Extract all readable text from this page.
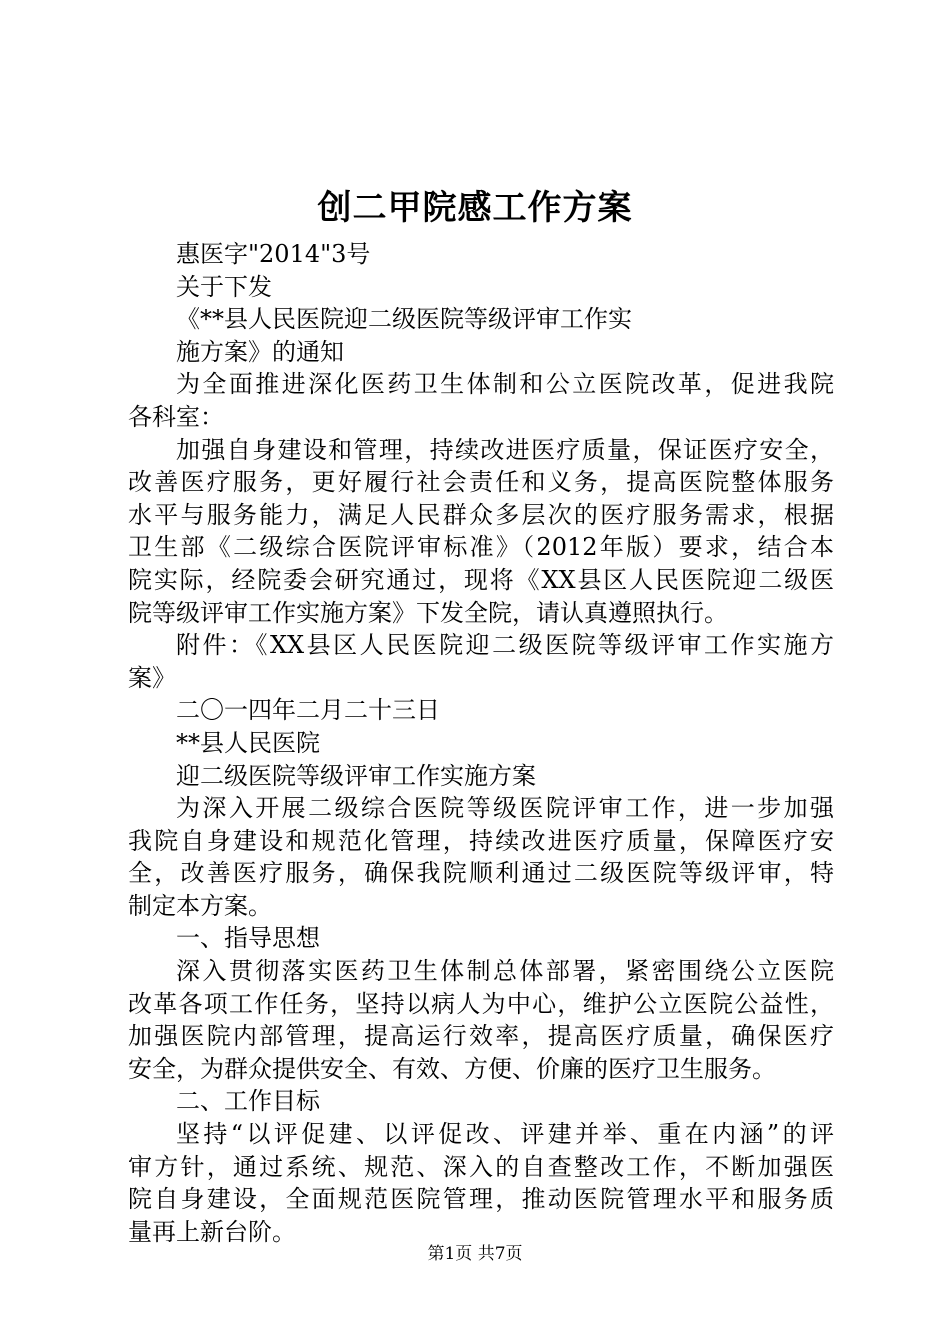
创二甲院感工作方案
惠医字"2014"3号
关于下发
《**县人民医院迎二级医院等级评审工作实
施方案》的通知
为全面推进深化医药卫生体制和公立医院改革，促进我院
各科室：
加强自身建设和管理，持续改进医疗质量，保证医疗安全，
改善医疗服务，更好履行社会责任和义务，提高医院整体服务
水平与服务能力，满足人民群众多层次的医疗服务需求，根据
卫生部《二级综合医院评审标准》（2012年版）要求，结合本
院实际，经院委会研究通过，现将《XX县区人民医院迎二级医
院等级评审工作实施方案》下发全院，请认真遵照执行。
附件：《XX县区人民医院迎二级医院等级评审工作实施方
案》
二〇一四年二月二十三日
**县人民医院
迎二级医院等级评审工作实施方案
为深入开展二级综合医院等级医院评审工作，进一步加强
我院自身建设和规范化管理，持续改进医疗质量，保障医疗安
全，改善医疗服务，确保我院顺利通过二级医院等级评审，特
制定本方案。
一、指导思想
深入贯彻落实医药卫生体制总体部署，紧密围绕公立医院
改革各项工作任务，坚持以病人为中心，维护公立医院公益性，
加强医院内部管理，提高运行效率，提高医疗质量，确保医疗
安全，为群众提供安全、有效、方便、价廉的医疗卫生服务。
二、工作目标
坚持“以评促建、以评促改、评建并举、重在内涵”的评
审方针，通过系统、规范、深入的自查整改工作，不断加强医
院自身建设，全面规范医院管理，推动医院管理水平和服务质
量再上新台阶。
第1页 共7页
